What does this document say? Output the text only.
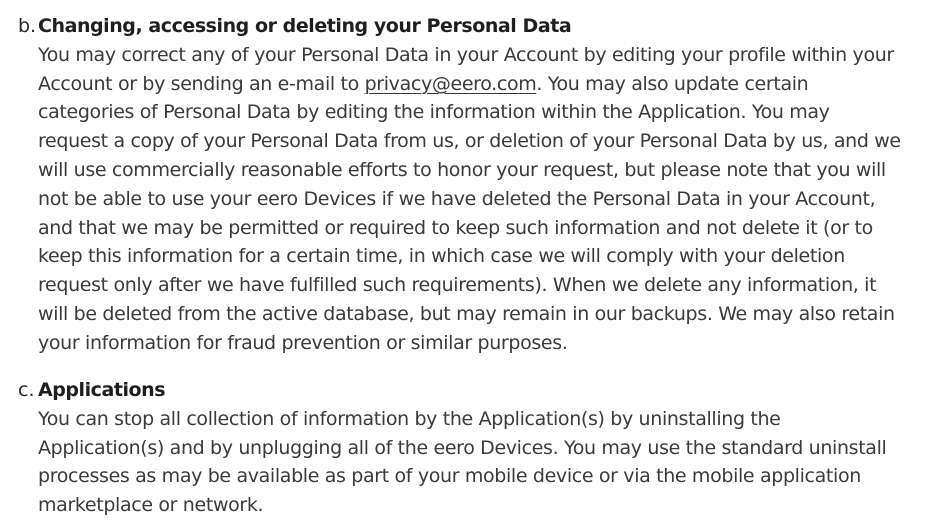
b. Changing, accessing or deleting your Personal Data
You may correct any of your Personal Data in your Account by editing your profile within your
Account or by sending an e-mail to privacy@eero.com. You may also update certain
categories of Personal Data by editing the information within the Application. You may
request a copy of your Personal Data from us, or deletion of your Personal Data by us, and we
will use commercially reasonable efforts to honor your request, but please note that you will
not be able to use your eero Devices if we have deleted the Personal Data in your Account,
and that we may be permitted or required to keep such information and not delete it (or to
keep this information for a certain time, in which case we will comply with your deletion
request only after we have fulfilled such requirements). When we delete any information, it
will be deleted from the active database, but may remain in our backups. We may also retain
your information for fraud prevention or similar purposes.
c. Applications
You can stop all collection of information by the Application(s) by uninstalling the
Application(s) and by unplugging all of the eero Devices. You may use the standard uninstall
processes as may be available as part of your mobile device or via the mobile application
marketplace or network.
